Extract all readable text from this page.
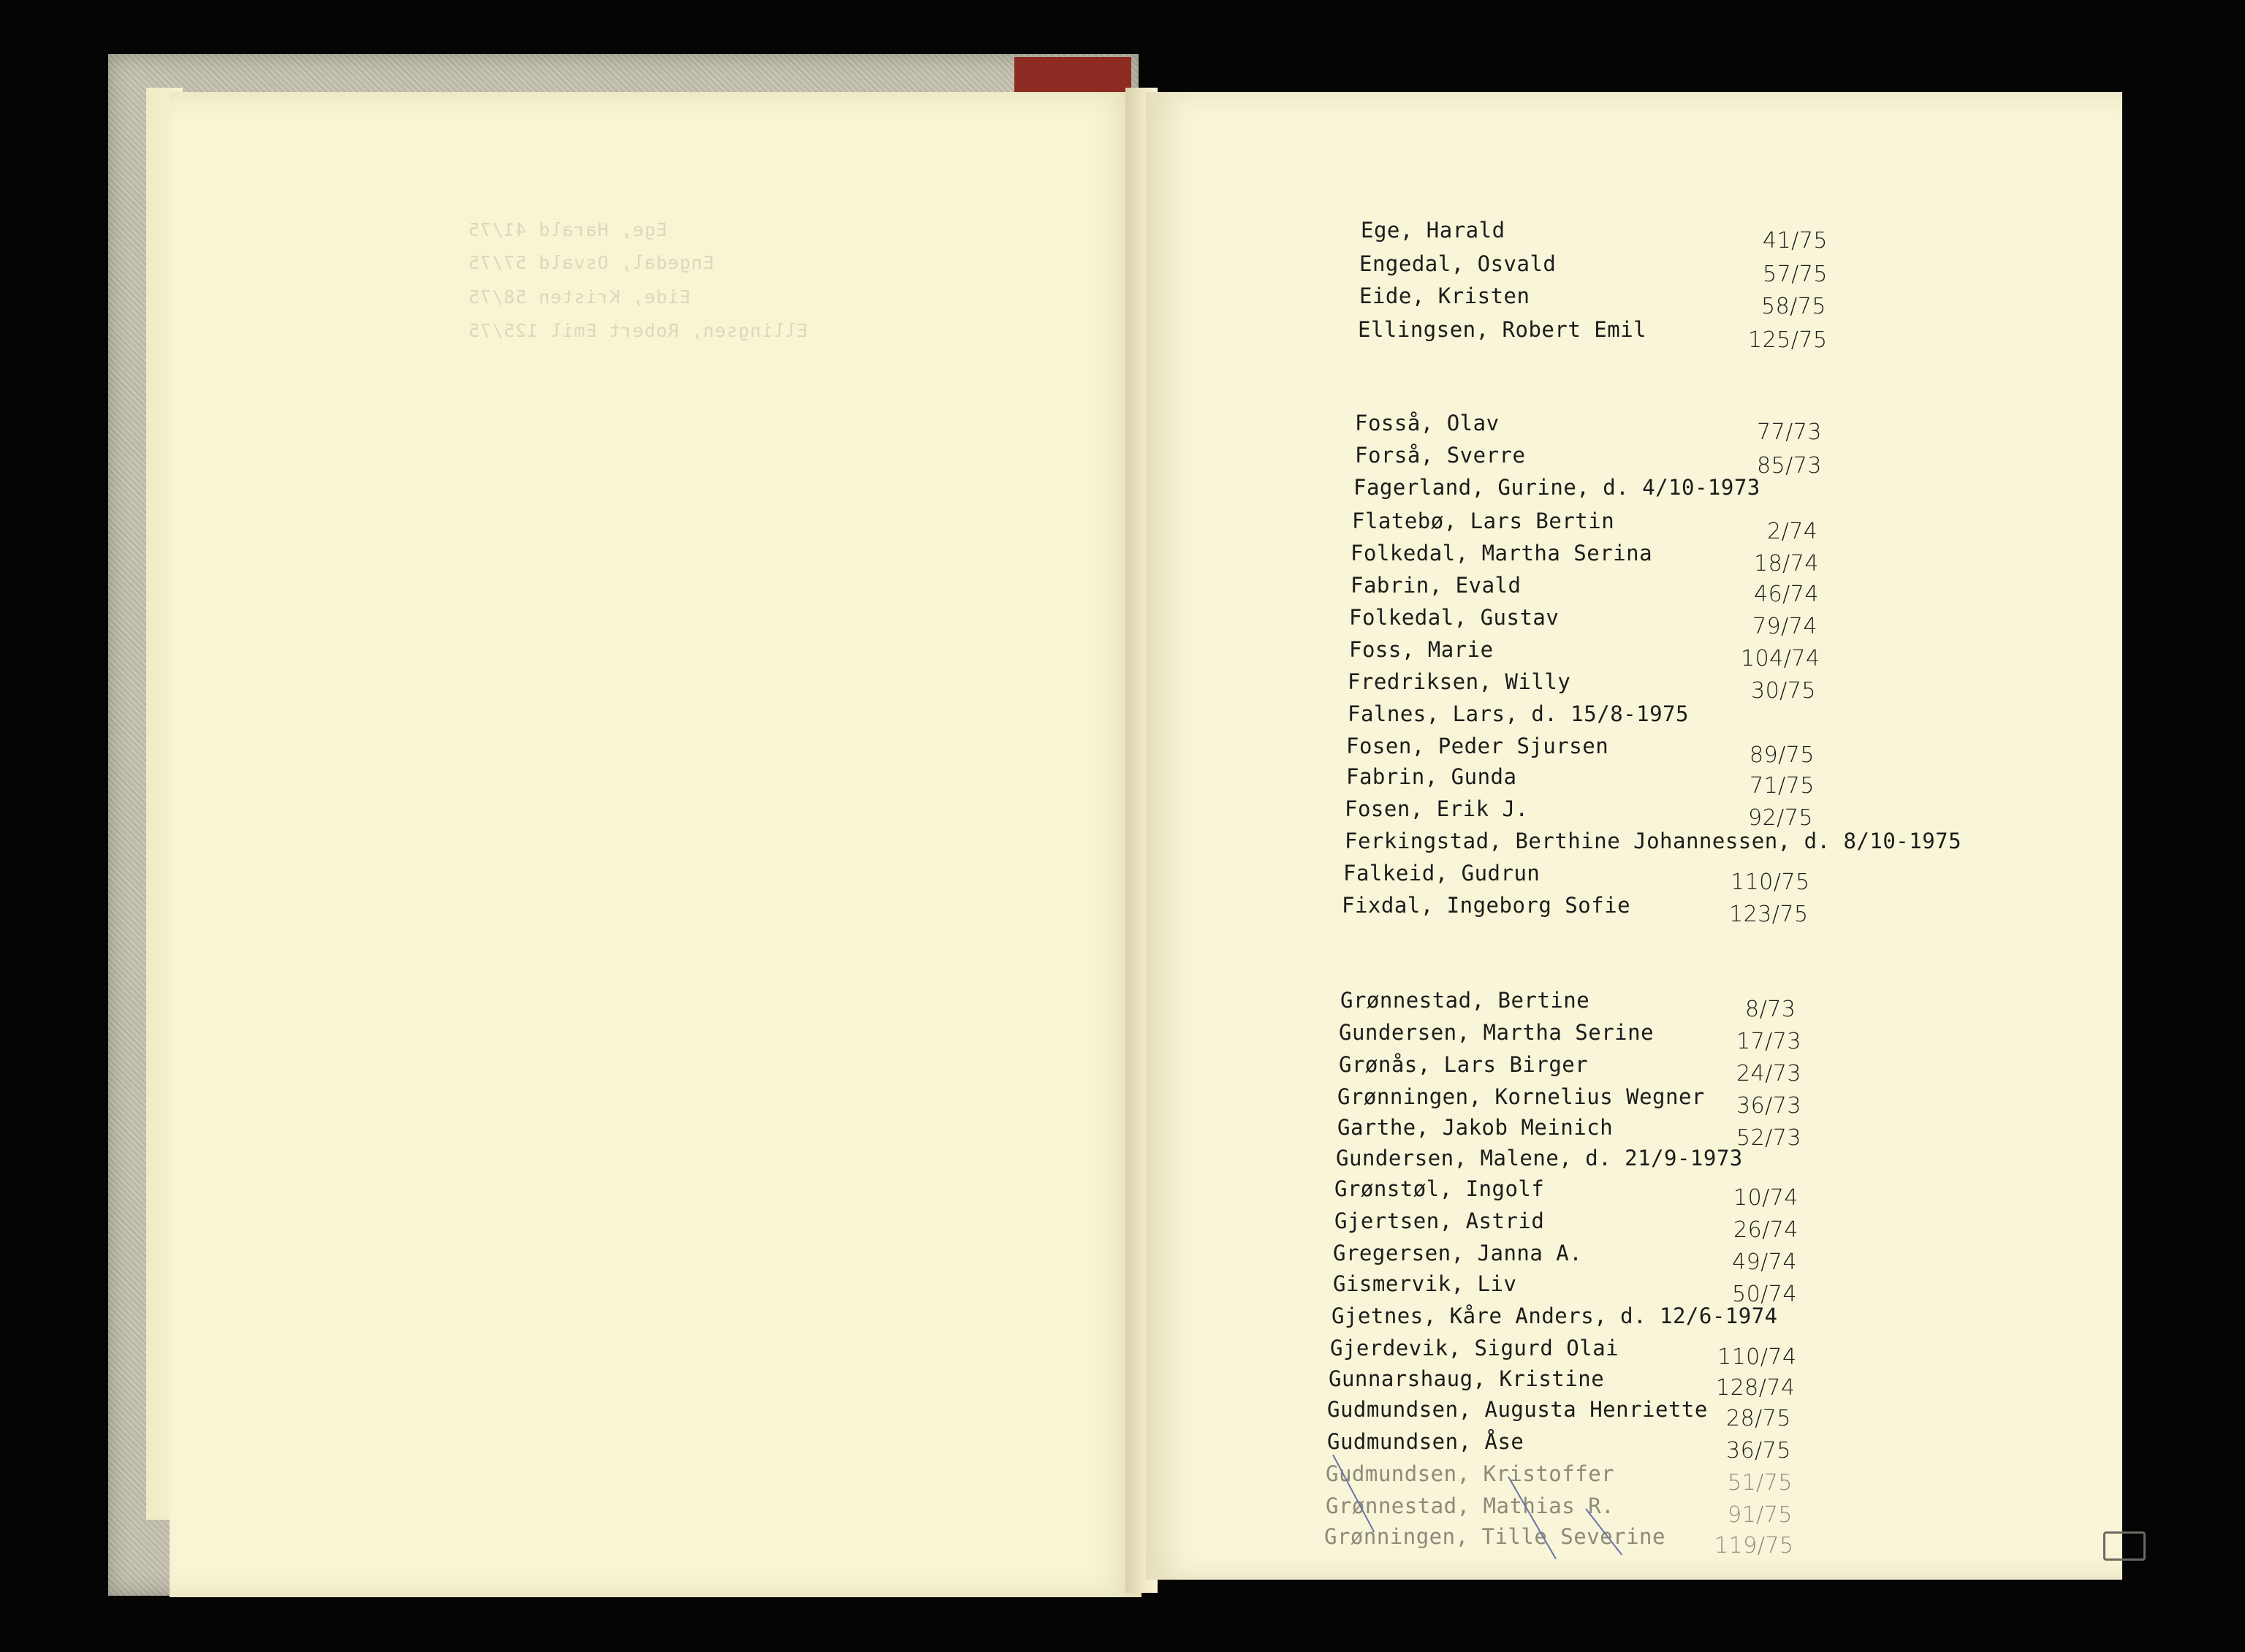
Ege, Harald 41/75
Engedal, Osvald 57/75
Eide, Kristen 58/75
Ellingsen, Robert Emil 125/75
Ege, Harald	41/75
Engedal, Osvald	57/75
Eide, Kristen	58/75
Ellingsen, Robert Emil	125/75
Fosså, Olav	77/73
Forså, Sverre	85/73
Fagerland, Gurine, d. 4/10-1973
Flatebø, Lars Bertin	2/74
Folkedal, Martha Serina	18/74
Fabrin, Evald	46/74
Folkedal, Gustav	79/74
Foss, Marie	104/74
Fredriksen, Willy	30/75
Falnes, Lars, d. 15/8-1975
Fosen, Peder Sjursen	89/75
Fabrin, Gunda	71/75
Fosen, Erik J.	92/75
Ferkingstad, Berthine Johannessen, d. 8/10-1975
Falkeid, Gudrun	110/75
Fixdal, Ingeborg Sofie	123/75
Grønnestad, Bertine	8/73
Gundersen, Martha Serine	17/73
Grønås, Lars Birger	24/73
Grønningen, Kornelius Wegner 36/73
Garthe, Jakob Meinich	52/73
Gundersen, Malene, d. 21/9-1973
Grønstøl, Ingolf	10/74
Gjertsen, Astrid	26/74
Gregersen, Janna A.	49/74
Gismervik, Liv	50/74
Gjetnes, Kåre Anders, d. 12/6-1974
Gjerdevik, Sigurd Olai	110/74
Gunnarshaug, Kristine	128/74
Gudmundsen, Augusta Henriette 28/75
Gudmundsen, Åse	36/75
Gudmundsen, Kristoffer	51/75
Grønnestad, Mathias R.	91/75
Grønningen, Tille Severine 119/75
